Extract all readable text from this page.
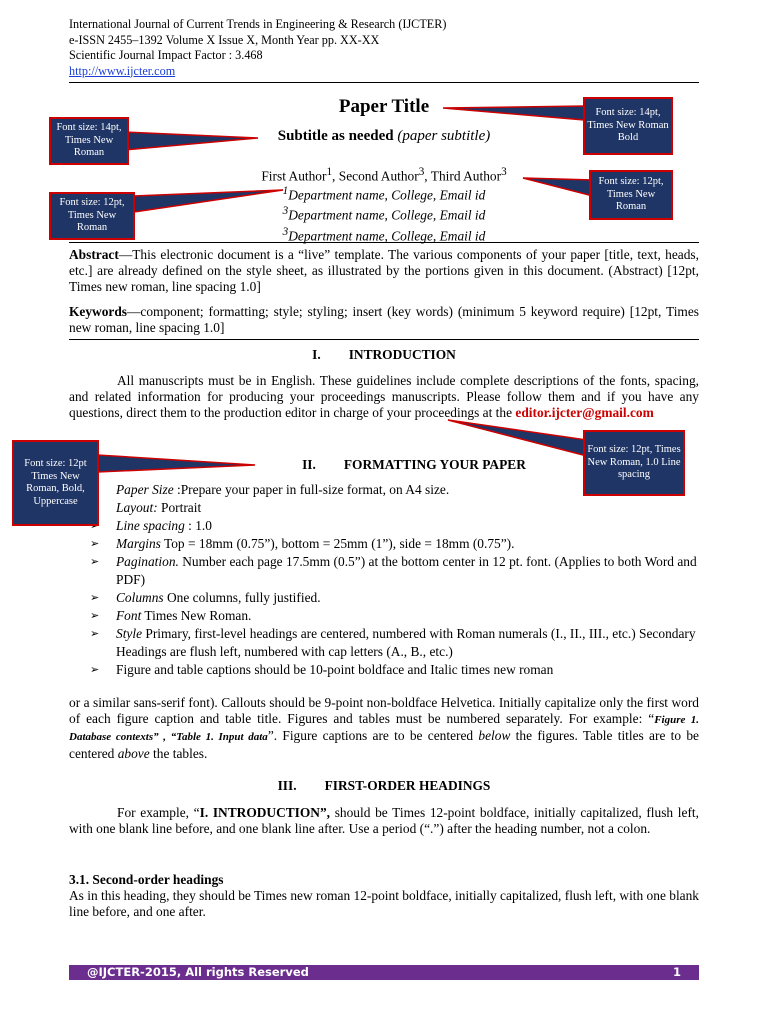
International Journal of Current Trends in Engineering & Research (IJCTER)
e-ISSN 2455–1392 Volume X Issue X, Month Year pp. XX-XX
Scientific Journal Impact Factor : 3.468
http://www.ijcter.com
Paper Title
Subtitle as needed (paper subtitle)
First Author$^1$, Second Author$^3$, Third Author$^3$
$^1$Department name, College, Email id
$^3$Department name, College, Email id
$^3$Department name, College, Email id
Abstract—This electronic document is a “live” template. The various components of your paper [title, text, heads, etc.] are already defined on the style sheet, as illustrated by the portions given in this document. (Abstract) [12pt, Times new roman, line spacing 1.0]
Keywords—component; formatting; style; styling; insert (key words) (minimum 5 keyword require) [12pt, Times new roman, line spacing 1.0]
I. INTRODUCTION
All manuscripts must be in English. These guidelines include complete descriptions of the fonts, spacing, and related information for producing your proceedings manuscripts. Please follow them and if you have any questions, direct them to the production editor in charge of your proceedings at the editor.ijcter@gmail.com
II. FORMATTING YOUR PAPER
Paper Size :Prepare your paper in full-size format, on A4 size.
Layout: Portrait
Line spacing : 1.0
➢ Margins Top = 18mm (0.75”), bottom = 25mm (1”), side = 18mm (0.75”).
➢ Pagination. Number each page 17.5mm (0.5”) at the bottom center in 12 pt. font. (Applies to both Word and PDF)
➢ Columns One columns, fully justified.
➢ Font Times New Roman.
➢ Style Primary, first-level headings are centered, numbered with Roman numerals (I., II., III., etc.) Secondary Headings are flush left, numbered with cap letters (A., B., etc.)
➢ Figure and table captions should be 10-point boldface and Italic times new roman
or a similar sans-serif font). Callouts should be 9-point non-boldface Helvetica. Initially capitalize only the first word of each figure caption and table title. Figures and tables must be numbered separately. For example: “Figure 1. Database contexts” , “Table 1. Input data”. Figure captions are to be centered below the figures. Table titles are to be centered above the tables.
III. FIRST-ORDER HEADINGS
For example, “I. INTRODUCTION”, should be Times 12-point boldface, initially capitalized, flush left, with one blank line before, and one blank line after. Use a period (“.”) after the heading number, not a colon.
3.1. Second-order headings
As in this heading, they should be Times new roman 12-point boldface, initially capitalized, flush left, with one blank line before, and one after.
@IJCTER-2015, All rights Reserved	1
Font size: 14pt, Times New Roman
Font size: 14pt, Times New Roman Bold
Font size: 12pt, Times New Roman
Font size: 12pt, Times New Roman
Font size: 12pt Times New Roman, Bold, Uppercase
Font size: 12pt, Times New Roman, 1.0 Line spacing
